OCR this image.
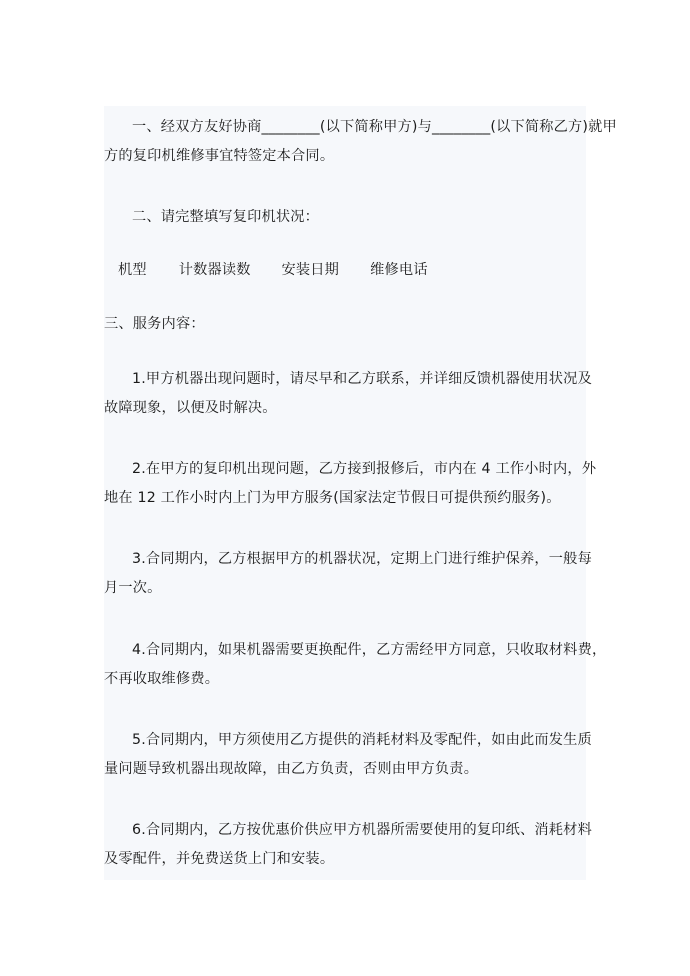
一、经双方友好协商________(以下简称甲方)与________(以下简称乙方)就甲
方的复印机维修事宜特签定本合同。

二、请完整填写复印机状况：

机型 计数器读数 安装日期 维修电话

三、服务内容：

1.甲方机器出现问题时，请尽早和乙方联系，并详细反馈机器使用状况及
故障现象，以便及时解决。

2.在甲方的复印机出现问题，乙方接到报修后，市内在 4 工作小时内，外
地在 12 工作小时内上门为甲方服务(国家法定节假日可提供预约服务)。

3.合同期内，乙方根据甲方的机器状况，定期上门进行维护保养，一般每
月一次。

4.合同期内，如果机器需要更换配件，乙方需经甲方同意，只收取材料费，
不再收取维修费。

5.合同期内，甲方须使用乙方提供的消耗材料及零配件，如由此而发生质
量问题导致机器出现故障，由乙方负责，否则由甲方负责。

6.合同期内，乙方按优惠价供应甲方机器所需要使用的复印纸、消耗材料
及零配件，并免费送货上门和安装。
